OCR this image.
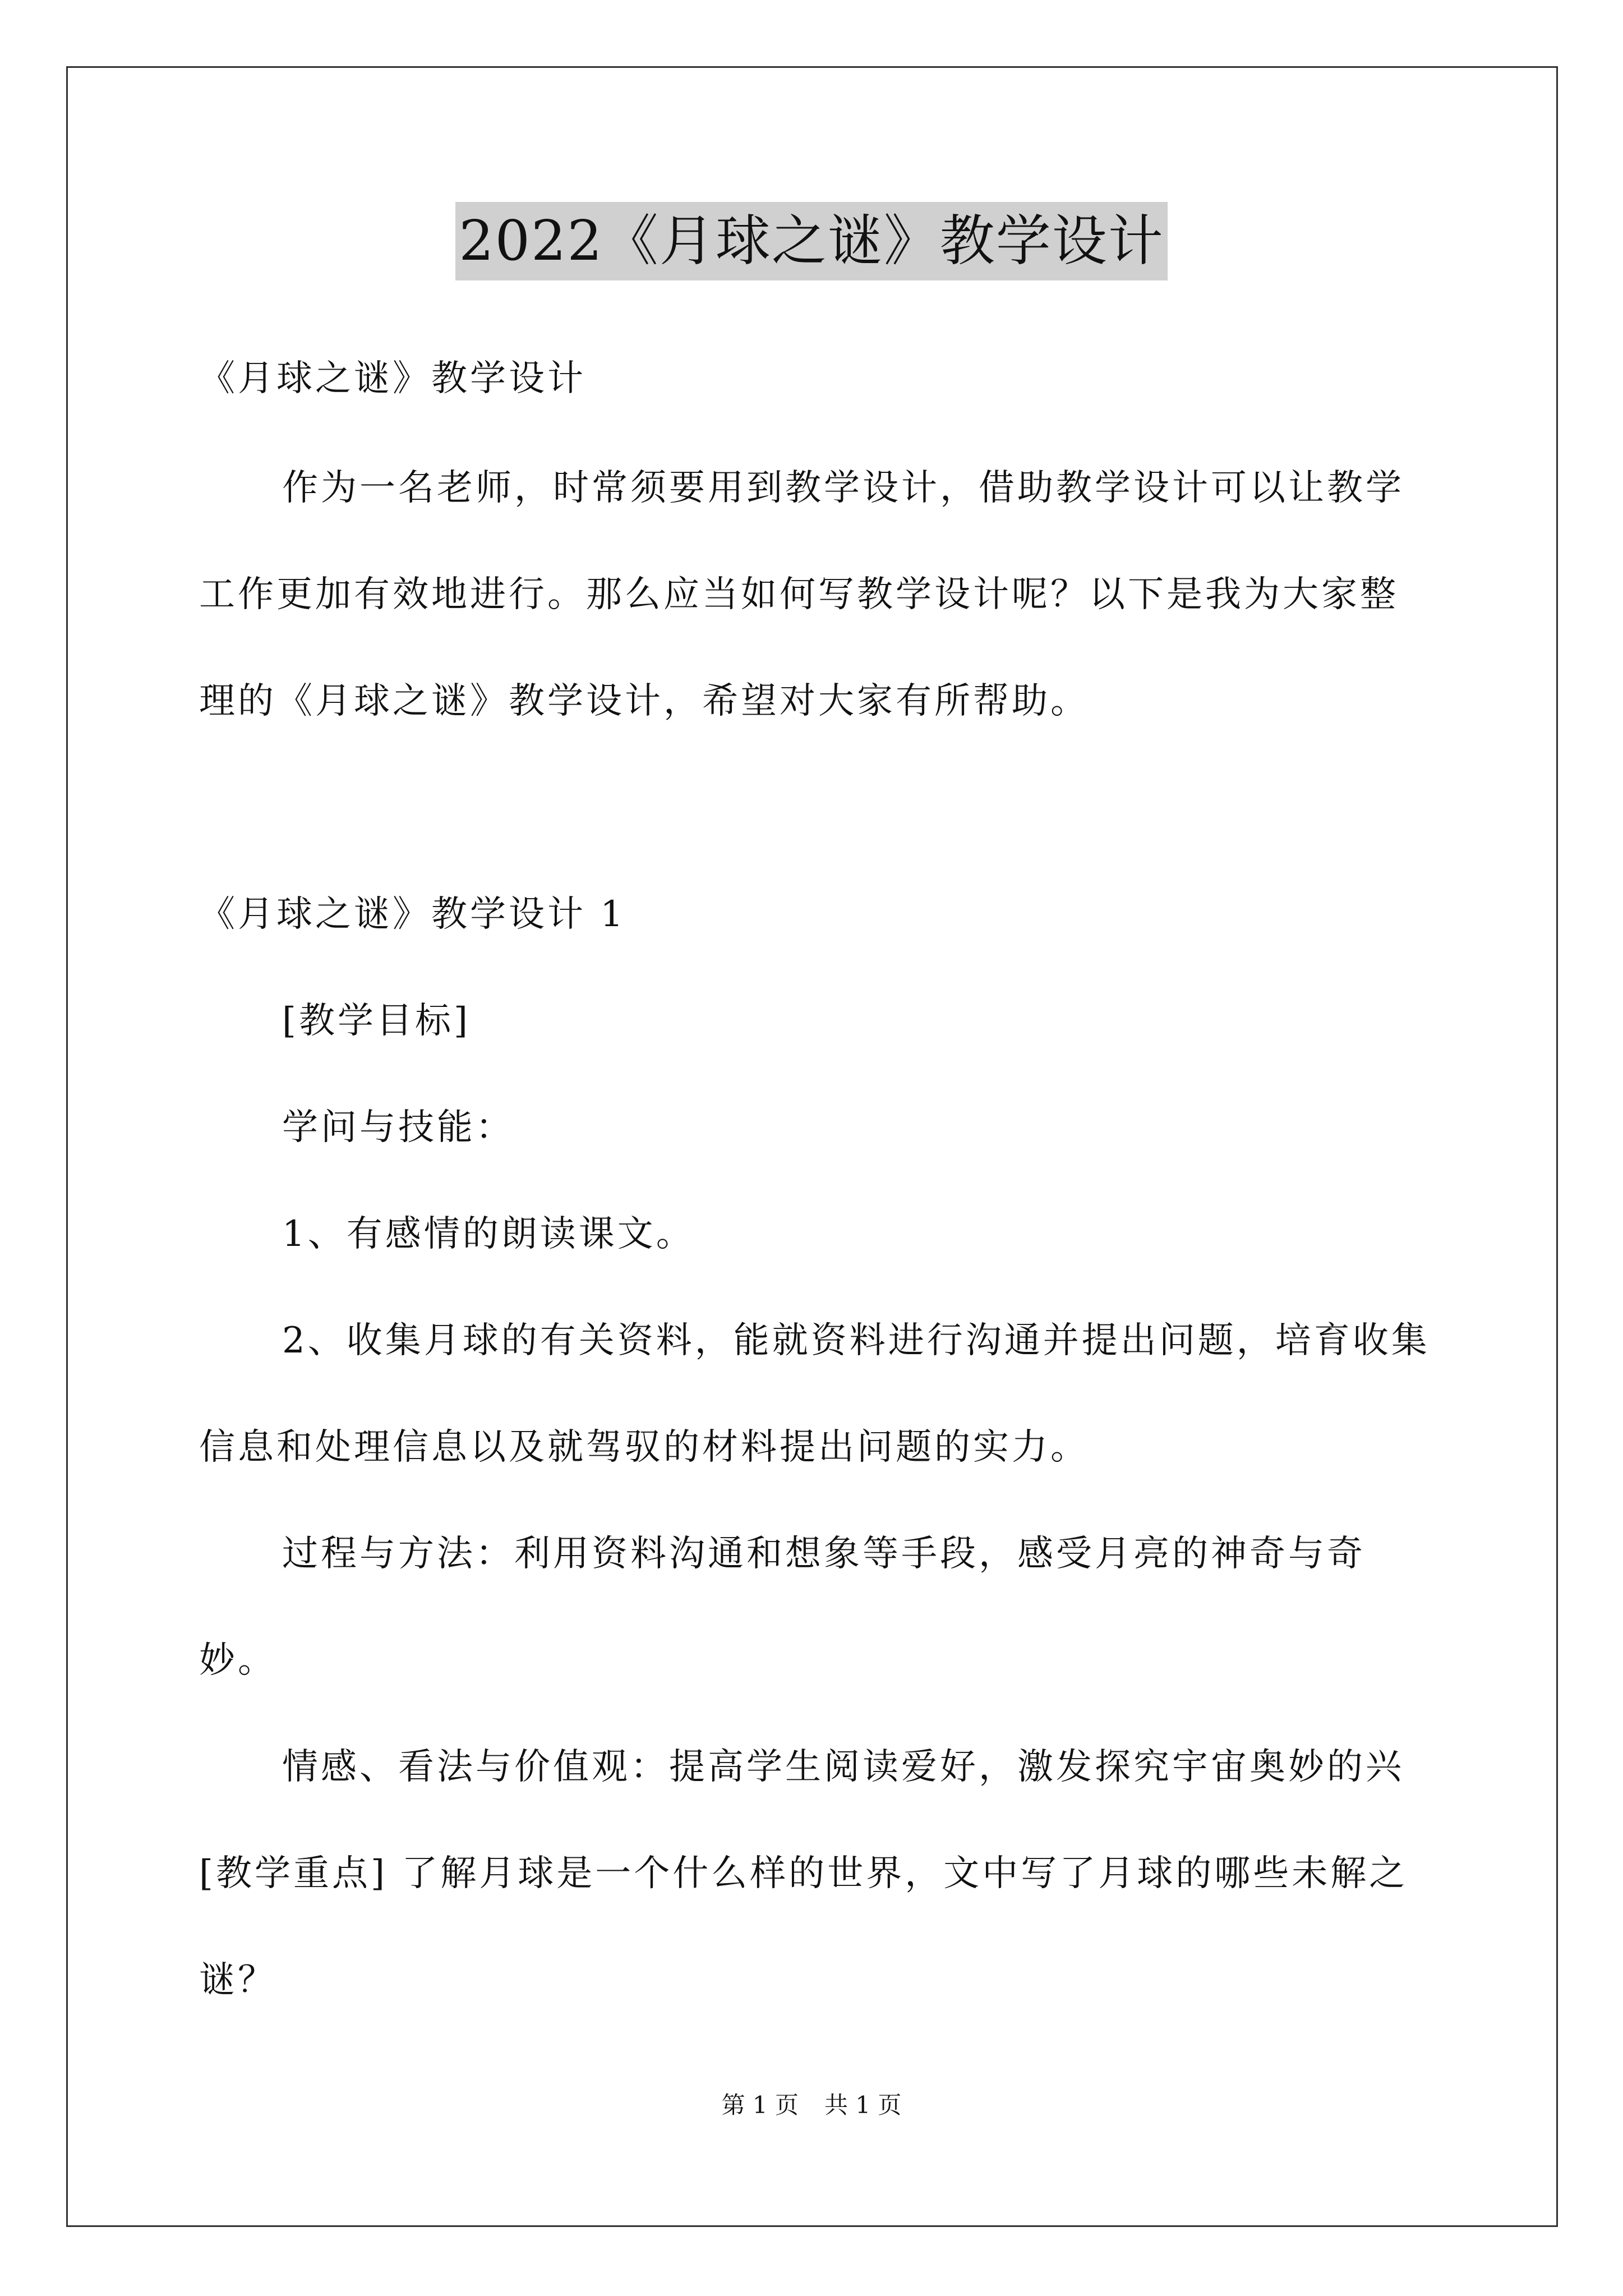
2022《月球之谜》教学设计

《月球之谜》教学设计

作为一名老师，时常须要用到教学设计，借助教学设计可以让教学工作更加有效地进行。那么应当如何写教学设计呢？以下是我为大家整理的《月球之谜》教学设计，希望对大家有所帮助。

《月球之谜》教学设计 1

[教学目标]

学问与技能：

1、有感情的朗读课文。

2、收集月球的有关资料，能就资料进行沟通并提出问题，培育收集信息和处理信息以及就驾驭的材料提出问题的实力。

过程与方法：利用资料沟通和想象等手段，感受月亮的神奇与奇妙。

情感、看法与价值观：提高学生阅读爱好，激发探究宇宙奥妙的兴 [教学重点] 了解月球是一个什么样的世界，文中写了月球的哪些未解之谜？

第 1 页 共 1 页
